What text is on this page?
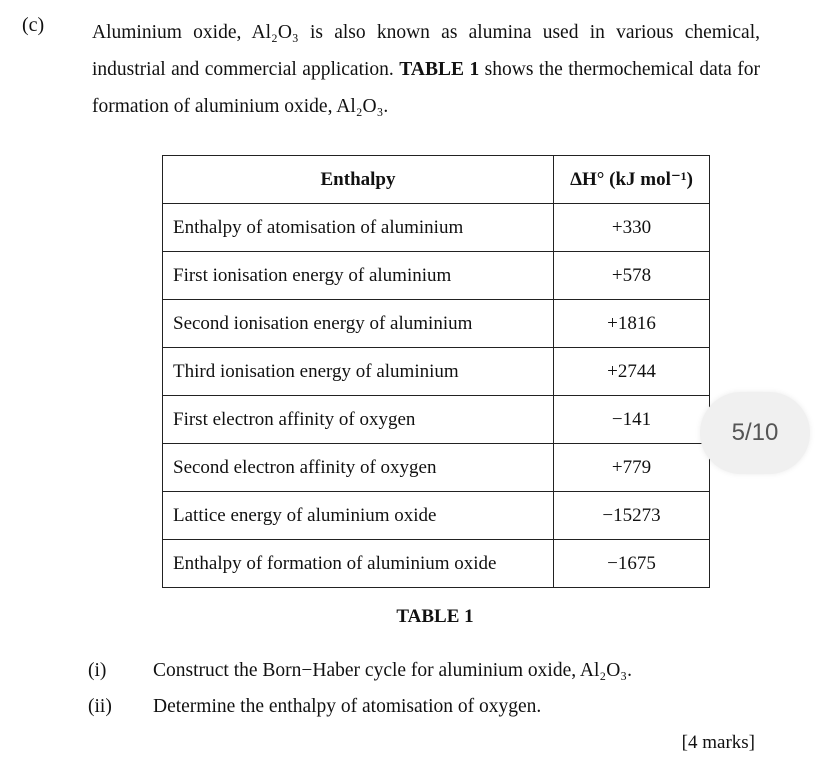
(c) Aluminium oxide, Al₂O₃ is also known as alumina used in various chemical, industrial and commercial application. TABLE 1 shows the thermochemical data for formation of aluminium oxide, Al₂O₃.

Enthalpy	ΔH° (kJ mol⁻¹)
Enthalpy of atomisation of aluminium	+330
First ionisation energy of aluminium	+578
Second ionisation energy of aluminium	+1816
Third ionisation energy of aluminium	+2744
First electron affinity of oxygen	−141
Second electron affinity of oxygen	+779
Lattice energy of aluminium oxide	−15273
Enthalpy of formation of aluminium oxide	−1675
TABLE 1
(i) Construct the Born−Haber cycle for aluminium oxide, Al₂O₃.
(ii) Determine the enthalpy of atomisation of oxygen.
[4 marks]
5/10
